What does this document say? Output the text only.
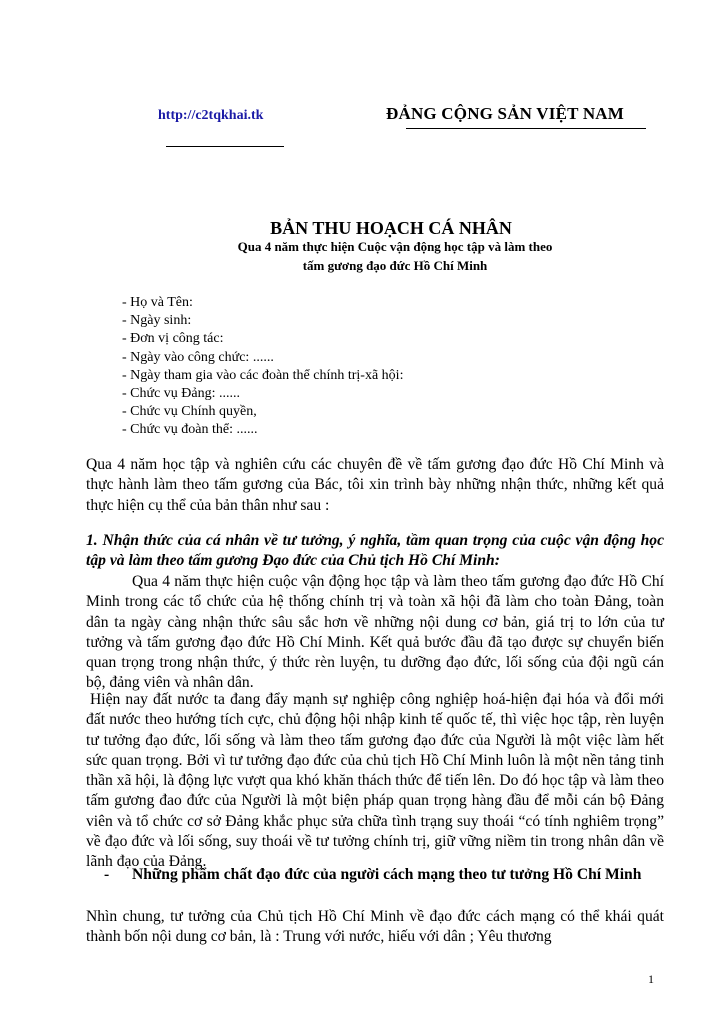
http://c2tqkhai.tk	ĐẢNG CỘNG SẢN VIỆT NAM
BẢN THU HOẠCH CÁ NHÂN
Qua 4 năm thực hiện Cuộc vận động học tập và làm theo
tấm gương đạo đức Hồ Chí Minh
- Họ và Tên:
- Ngày sinh:
- Đơn vị công tác:
- Ngày vào công chức: ......
- Ngày tham gia vào các đoàn thể chính trị-xã hội:
- Chức vụ Đảng: ......
- Chức vụ Chính quyền,
- Chức vụ đoàn thể: ......

Qua 4 năm học tập và nghiên cứu các chuyên đề về tấm gương đạo đức Hồ Chí Minh và thực hành làm theo tấm gương của Bác, tôi xin trình bày những nhận thức, những kết quả thực hiện cụ thể của bản thân như sau :

1. Nhận thức của cá nhân về tư tưởng, ý nghĩa, tầm quan trọng của cuộc vận động học tập và làm theo tấm gương Đạo đức của Chủ tịch Hồ Chí Minh:

Qua 4 năm thực hiện cuộc vận động học tập và làm theo tấm gương đạo đức Hồ Chí Minh trong các tổ chức của hệ thống chính trị và toàn xã hội đã làm cho toàn Đảng, toàn dân ta ngày càng nhận thức sâu sắc hơn về những nội dung cơ bản, giá trị to lớn của tư tưởng và tấm gương đạo đức Hồ Chí Minh. Kết quả bước đầu đã tạo được sự chuyển biến quan trọng trong nhận thức, ý thức rèn luyện, tu dưỡng đạo đức, lối sống của đội ngũ cán bộ, đảng viên và nhân dân.

Hiện nay đất nước ta đang đẩy mạnh sự nghiệp công nghiệp hoá-hiện đại hóa và đổi mới đất nước theo hướng tích cực, chủ động hội nhập kinh tế quốc tế, thì việc học tập, rèn luyện tư tưởng đạo đức, lối sống và làm theo tấm gương đạo đức của Người là một việc làm hết sức quan trọng. Bởi vì tư tưởng đạo đức của chủ tịch Hồ Chí Minh luôn là một nền tảng tinh thần xã hội, là động lực vượt qua khó khăn thách thức để tiến lên. Do đó học tập và làm theo tấm gương đao đức của Người là một biện pháp quan trọng hàng đầu để mỗi cán bộ Đảng viên và tổ chức cơ sở Đảng khắc phục sửa chữa tình trạng suy thoái “có tính nghiêm trọng” về đạo đức và lối sống, suy thoái về tư tưởng chính trị, giữ vững niềm tin trong nhân dân về lãnh đạo của Đảng.

- Những phẩm chất đạo đức của người cách mạng theo tư tưởng Hồ Chí Minh

Nhìn chung, tư tưởng của Chủ tịch Hồ Chí Minh về đạo đức cách mạng có thể khái quát thành bốn nội dung cơ bản, là : Trung với nước, hiếu với dân ; Yêu thương

1
